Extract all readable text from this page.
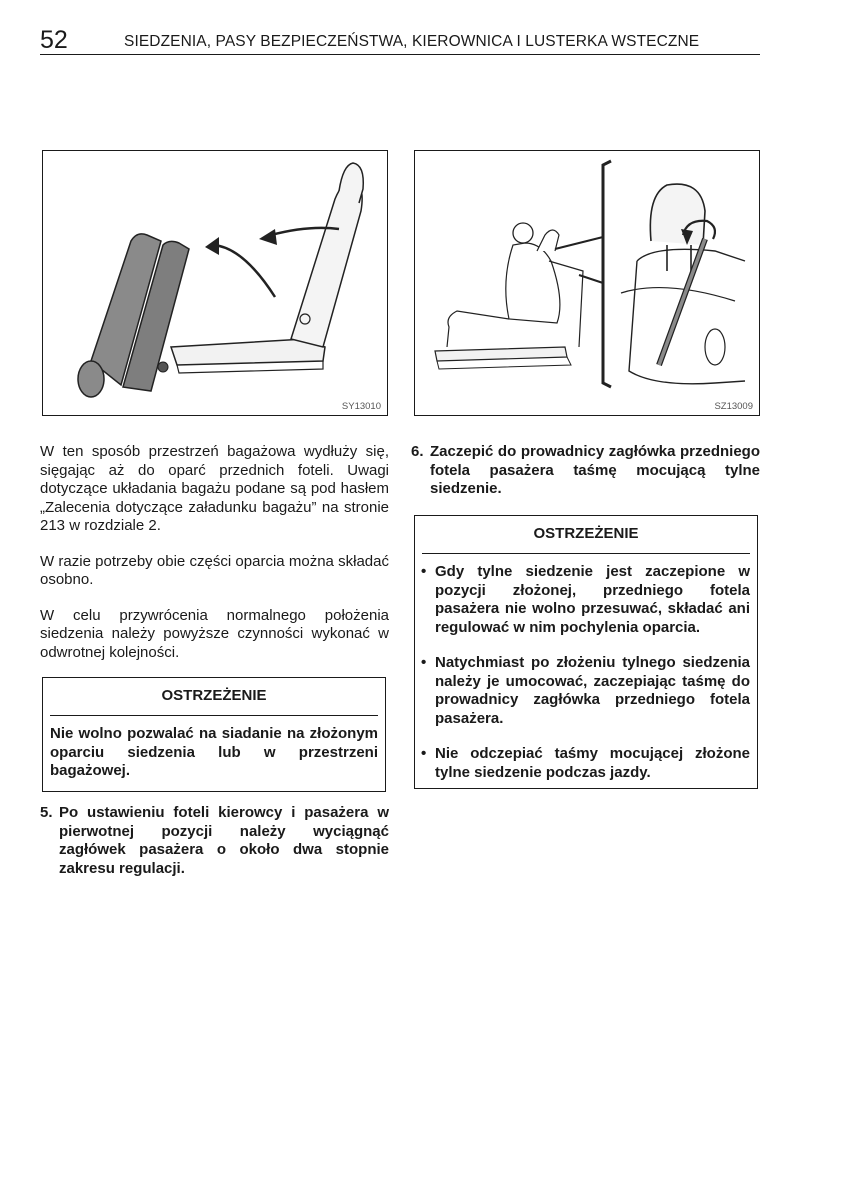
52	SIEDZENIA, PASY BEZPIECZEŃSTWA, KIEROWNICA I LUSTERKA WSTECZNE
SY13010	SZ13009

W ten sposób przestrzeń bagażowa wydłuży się, sięgając aż do oparć przednich foteli. Uwagi dotyczące układania bagażu podane są pod hasłem „Zalecenia dotyczące załadunku bagażu” na stronie 213 w rozdziale 2.

W razie potrzeby obie części oparcia można składać osobno.

W celu przywrócenia normalnego położenia siedzenia należy powyższe czynności wykonać w odwrotnej kolejności.

OSTRZEŻENIE
Nie wolno pozwalać na siadanie na złożonym oparciu siedzenia lub w przestrzeni bagażowej.
5. Po ustawieniu foteli kierowcy i pasażera w pierwotnej pozycji należy wyciągnąć zagłówek pasażera o około dwa stopnie zakresu regulacji.
6. Zaczepić do prowadnicy zagłówka przedniego fotela pasażera taśmę mocującą tylne siedzenie.
OSTRZEŻENIE
• Gdy tylne siedzenie jest zaczepione w pozycji złożonej, przedniego fotela pasażera nie wolno przesuwać, składać ani regulować w nim pochylenia oparcia.
• Natychmiast po złożeniu tylnego siedzenia należy je umocować, zaczepiając taśmę do prowadnicy zagłówka przedniego fotela pasażera.
• Nie odczepiać taśmy mocującej złożone tylne siedzenie podczas jazdy.
